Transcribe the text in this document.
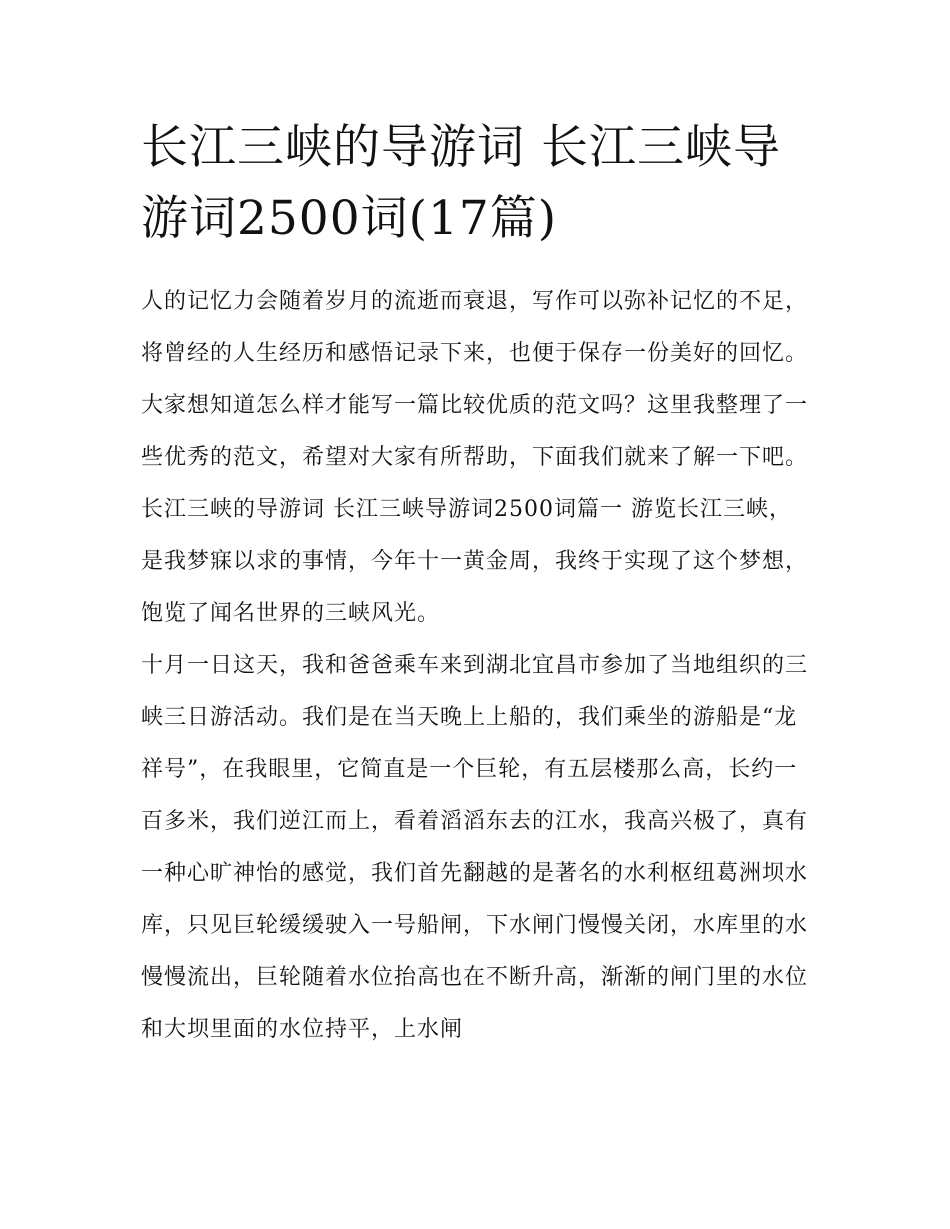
长江三峡的导游词 长江三峡导
游词2500词(17篇)

人的记忆力会随着岁月的流逝而衰退，写作可以弥补记忆的不足，将曾经的人生经历和感悟记录下来，也便于保存一份美好的回忆。大家想知道怎么样才能写一篇比较优质的范文吗？这里我整理了一些优秀的范文，希望对大家有所帮助，下面我们就来了解一下吧。

长江三峡的导游词 长江三峡导游词2500词篇一 游览长江三峡，是我梦寐以求的事情，今年十一黄金周，我终于实现了这个梦想，饱览了闻名世界的三峡风光。

十月一日这天，我和爸爸乘车来到湖北宜昌市参加了当地组织的三峡三日游活动。我们是在当天晚上上船的，我们乘坐的游船是“龙祥号”，在我眼里，它简直是一个巨轮，有五层楼那么高，长约一百多米，我们逆江而上，看着滔滔东去的江水，我高兴极了，真有一种心旷神怡的感觉，我们首先翻越的是著名的水利枢纽葛洲坝水库，只见巨轮缓缓驶入一号船闸，下水闸门慢慢关闭，水库里的水慢慢流出，巨轮随着水位抬高也在不断升高，渐渐的闸门里的水位和大坝里面的水位持平，上水闸
